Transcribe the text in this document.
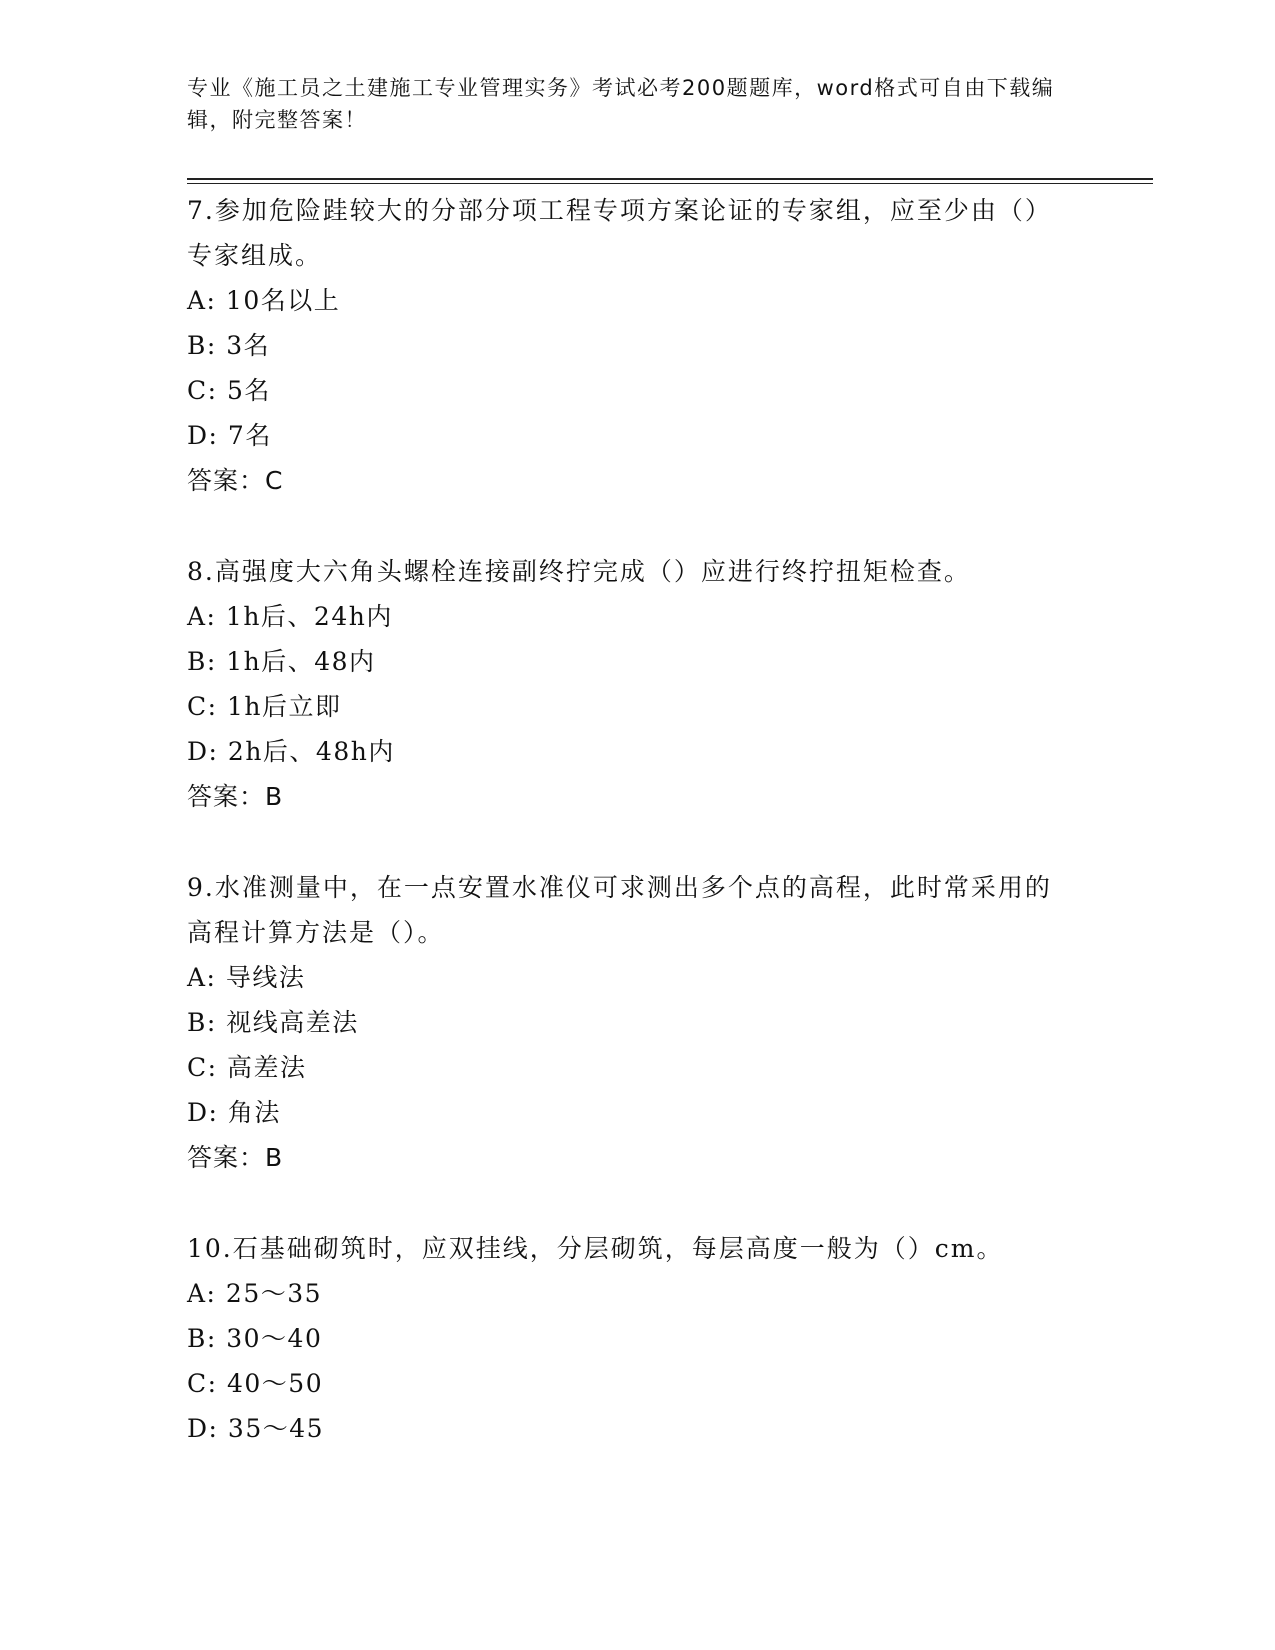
专业《施工员之土建施工专业管理实务》考试必考200题题库，word格式可自由下载编辑，附完整答案！
7.参加危险跬较大的分部分项工程专项方案论证的专家组，应至少由（）专家组成。
A: 10名以上
B: 3名
C: 5名
D: 7名
答案：C
8.高强度大六角头螺栓连接副终拧完成（）应进行终拧扭矩检查。
A: 1h后、24h内
B: 1h后、48内
C: 1h后立即
D: 2h后、48h内
答案：B
9.水准测量中，在一点安置水准仪可求测出多个点的高程，此时常采用的高程计算方法是（）。
A: 导线法
B: 视线高差法
C: 高差法
D: 角法
答案：B
10.石基础砌筑时，应双挂线，分层砌筑，每层高度一般为（）cm。
A: 25～35
B: 30～40
C: 40～50
D: 35～45
